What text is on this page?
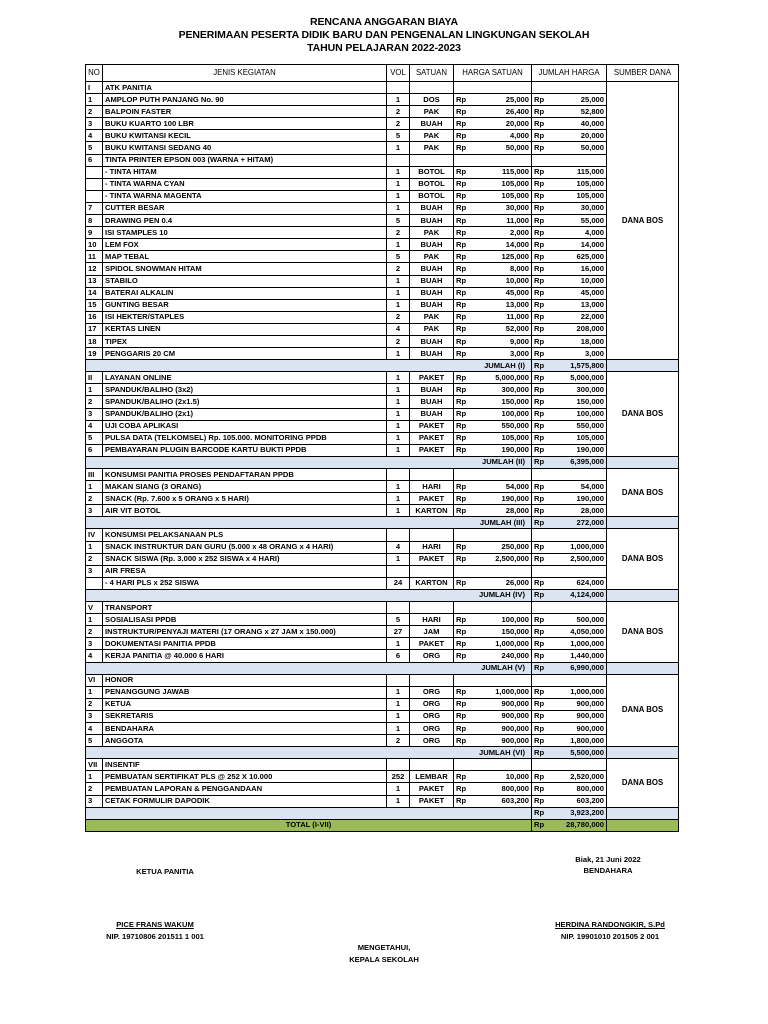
RENCANA ANGGARAN BIAYA
PENERIMAAN PESERTA DIDIK BARU DAN PENGENALAN LINGKUNGAN SEKOLAH
TAHUN PELAJARAN 2022-2023
NO	JENIS KEGIATAN	VOL	SATUAN	HARGA SATUAN		JUMLAH HARGA		SUMBER DANA
I	ATK PANITIA							DANA BOS
1	AMPLOP PUTH PANJANG No. 90	1	DOS	Rp	25,000	Rp	25,000	
2	BALPOIN FASTER	2	PAK	Rp	26,400	Rp	52,800	
3	BUKU KUARTO 100 LBR	2	BUAH	Rp	20,000	Rp	40,000	
4	BUKU KWITANSI KECIL	5	PAK	Rp	4,000	Rp	20,000	
5	BUKU KWITANSI SEDANG 40	1	PAK	Rp	50,000	Rp	50,000	
6	TINTA PRINTER EPSON 003 (WARNA + HITAM)							
	- TINTA HITAM	1	BOTOL	Rp	115,000	Rp	115,000	
	- TINTA WARNA CYAN	1	BOTOL	Rp	105,000	Rp	105,000	
	- TINTA WARNA MAGENTA	1	BOTOL	Rp	105,000	Rp	105,000	
7	CUTTER BESAR	1	BUAH	Rp	30,000	Rp	30,000	
8	DRAWING PEN 0.4	5	BUAH	Rp	11,000	Rp	55,000	
9	ISI STAMPLES 10	2	PAK	Rp	2,000	Rp	4,000	
10	LEM FOX	1	BUAH	Rp	14,000	Rp	14,000	
11	MAP TEBAL	5	PAK	Rp	125,000	Rp	625,000	
12	SPIDOL SNOWMAN HITAM	2	BUAH	Rp	8,000	Rp	16,000	
13	STABILO	1	BUAH	Rp	10,000	Rp	10,000	
14	BATERAI ALKALIN	1	BUAH	Rp	45,000	Rp	45,000	
15	GUNTING BESAR	1	BUAH	Rp	13,000	Rp	13,000	
16	ISI HEKTER/STAPLES	2	PAK	Rp	11,000	Rp	22,000	
17	KERTAS LINEN	4	PAK	Rp	52,000	Rp	208,000	
18	TIPEX	2	BUAH	Rp	9,000	Rp	18,000	
19	PENGGARIS 20 CM	1	BUAH	Rp	3,000	Rp	3,000	
JUMLAH (I)						Rp	1,575,800	
II	LAYANAN ONLINE	1	PAKET	Rp	5,000,000	Rp	5,000,000	DANA BOS
1	SPANDUK/BALIHO (3x2)	1	BUAH	Rp	300,000	Rp	300,000	
2	SPANDUK/BALIHO (2x1.5)	1	BUAH	Rp	150,000	Rp	150,000	
3	SPANDUK/BALIHO (2x1)	1	BUAH	Rp	100,000	Rp	100,000	
4	UJI COBA APLIKASI	1	PAKET	Rp	550,000	Rp	550,000	
5	PULSA DATA (TELKOMSEL) Rp. 105.000. MONITORING PPDB	1	PAKET	Rp	105,000	Rp	105,000	
6	PEMBAYARAN PLUGIN BARCODE KARTU BUKTI PPDB	1	PAKET	Rp	190,000	Rp	190,000	
JUMLAH (II)						Rp	6,395,000	
III	KONSUMSI PANITIA PROSES PENDAFTARAN PPDB							DANA BOS
1	MAKAN SIANG (3 ORANG)	1	HARI	Rp	54,000	Rp	54,000	
2	SNACK (Rp. 7.600 x 5 ORANG x 5 HARI)	1	PAKET	Rp	190,000	Rp	190,000	
3	AIR VIT BOTOL	1	KARTON	Rp	28,000	Rp	28,000	
JUMLAH (III)						Rp	272,000	
IV	KONSUMSI PELAKSANAAN PLS							DANA BOS
1	SNACK INSTRUKTUR DAN GURU (5.000 x 48 ORANG x 4 HARI)	4	HARI	Rp	250,000	Rp	1,000,000	
2	SNACK SISWA (Rp. 3.000 x 252 SISWA x 4 HARI)	1	PAKET	Rp	2,500,000	Rp	2,500,000	
3	AIR FRESA							
	- 4 HARI PLS x 252 SISWA	24	KARTON	Rp	26,000	Rp	624,000	
JUMLAH (IV)						Rp	4,124,000	
V	TRANSPORT							DANA BOS
1	SOSIALISASI PPDB	5	HARI	Rp	100,000	Rp	500,000	
2	INSTRUKTUR/PENYAJI MATERI (17 ORANG x 27 JAM x 150.000)	27	JAM	Rp	150,000	Rp	4,050,000	
3	DOKUMENTASI PANITIA PPDB	1	PAKET	Rp	1,000,000	Rp	1,000,000	
4	KERJA PANITIA @ 40.000 6 HARI	6	ORG	Rp	240,000	Rp	1,440,000	
JUMLAH (V)						Rp	6,990,000	
VI	HONOR							DANA BOS
1	PENANGGUNG JAWAB	1	ORG	Rp	1,000,000	Rp	1,000,000	
2	KETUA	1	ORG	Rp	900,000	Rp	900,000	
3	SEKRETARIS	1	ORG	Rp	900,000	Rp	900,000	
4	BENDAHARA	1	ORG	Rp	900,000	Rp	900,000	
5	ANGGOTA	2	ORG	Rp	900,000	Rp	1,800,000	
JUMLAH (VI)						Rp	5,500,000	
VII	INSENTIF							DANA BOS
1	PEMBUATAN SERTIFIKAT PLS @ 252 X 10.000	252	LEMBAR	Rp	10,000	Rp	2,520,000	
2	PEMBUATAN LAPORAN & PENGGANDAAN	1	PAKET	Rp	800,000	Rp	800,000	
3	CETAK FORMULIR DAPODIK	1	PAKET	Rp	603,200	Rp	603,200	
						Rp	3,923,200	
TOTAL (I-VII)						Rp	28,780,000	
Biak, 21 Juni 2022
KETUA PANITIA	BENDAHARA
PICE FRANS WAKUM
NIP. 19710806 201511 1 001
HERDINA RANDONGKIR, S.Pd
NIP. 19901010 201505 2 001
MENGETAHUI,
KEPALA SEKOLAH
